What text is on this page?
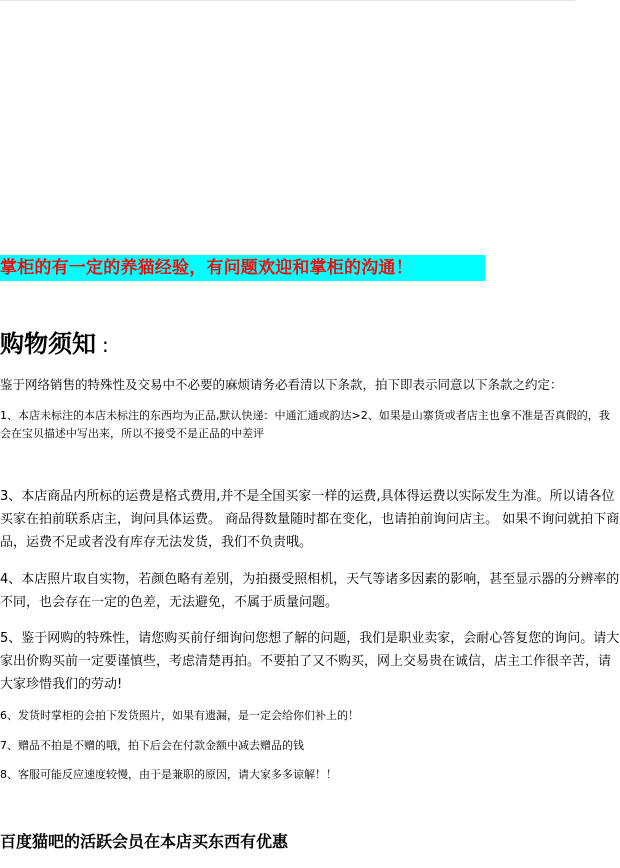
掌柜的有一定的养猫经验，有问题欢迎和掌柜的沟通！
购物须知 :

鉴于网络销售的特殊性及交易中不必要的麻烦请务必看清以下条款，拍下即表示同意以下条款之约定：

1、本店未标注的本店未标注的东西均为正品,默认快递：中通汇通或韵达>2、如果是山寨货或者店主也拿不准是否真假的，我会在宝贝描述中写出来，所以不接受不是正品的中差评

3、本店商品内所标的运费是格式费用,并不是全国买家一样的运费,具体得运费以实际发生为准。所以请各位买家在拍前联系店主，询问具体运费。 商品得数量随时都在变化，也请拍前询问店主。 如果不询问就拍下商品，运费不足或者没有库存无法发货，我们不负责哦。

4、本店照片取自实物，若颜色略有差别，为拍摄受照相机，天气等诸多因素的影响，甚至显示器的分辨率的不同，也会存在一定的色差，无法避免，不属于质量问题。

5、鉴于网购的特殊性，请您购买前仔细询问您想了解的问题，我们是职业卖家，会耐心答复您的询问。请大家出价购买前一定要谨慎些，考虑清楚再拍。不要拍了又不购买，网上交易贵在诚信，店主工作很辛苦，请大家珍惜我们的劳动!

6、发货时掌柜的会拍下发货照片，如果有遗漏，是一定会给你们补上的！

7、赠品不拍是不赠的哦，拍下后会在付款金额中减去赠品的钱

8、客服可能反应速度较慢，由于是兼职的原因，请大家多多谅解！！

百度猫吧的活跃会员在本店买东西有优惠
